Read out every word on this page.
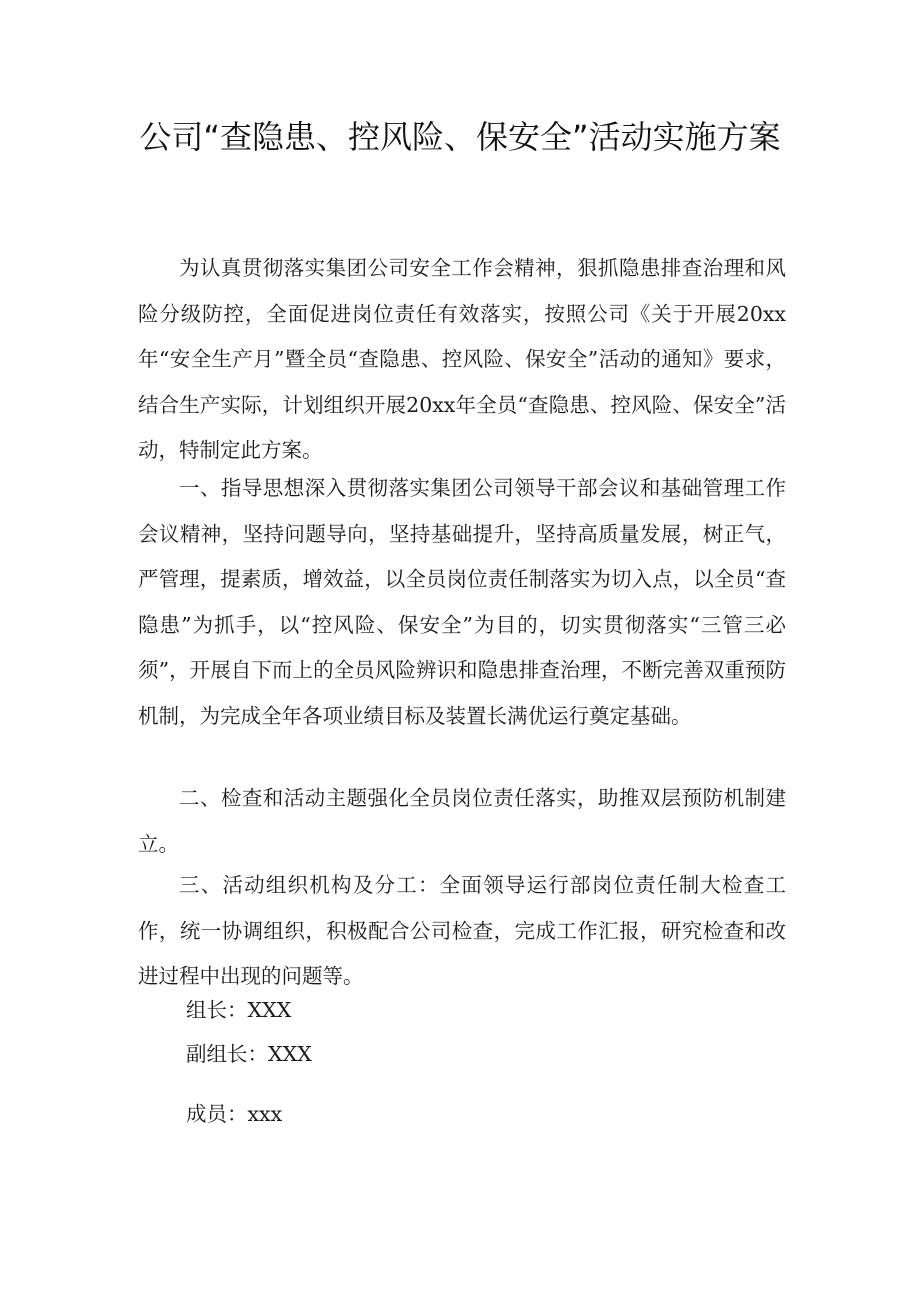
公司“查隐患、控风险、保安全”活动实施方案

为认真贯彻落实集团公司安全工作会精神，狠抓隐患排查治理和风险分级防控，全面促进岗位责任有效落实，按照公司《关于开展20xx年“安全生产月”暨全员“查隐患、控风险、保安全”活动的通知》要求，结合生产实际，计划组织开展20xx年全员“查隐患、控风险、保安全”活动，特制定此方案。

一、指导思想深入贯彻落实集团公司领导干部会议和基础管理工作会议精神，坚持问题导向，坚持基础提升，坚持高质量发展，树正气，严管理，提素质，增效益，以全员岗位责任制落实为切入点，以全员“查隐患”为抓手，以“控风险、保安全”为目的，切实贯彻落实“三管三必须”，开展自下而上的全员风险辨识和隐患排查治理，不断完善双重预防机制，为完成全年各项业绩目标及装置长满优运行奠定基础。

二、检查和活动主题强化全员岗位责任落实，助推双层预防机制建立。

三、活动组织机构及分工：全面领导运行部岗位责任制大检查工作，统一协调组织，积极配合公司检查，完成工作汇报，研究检查和改进过程中出现的问题等。

组长：XXX

副组长：XXX

成员：xxx
